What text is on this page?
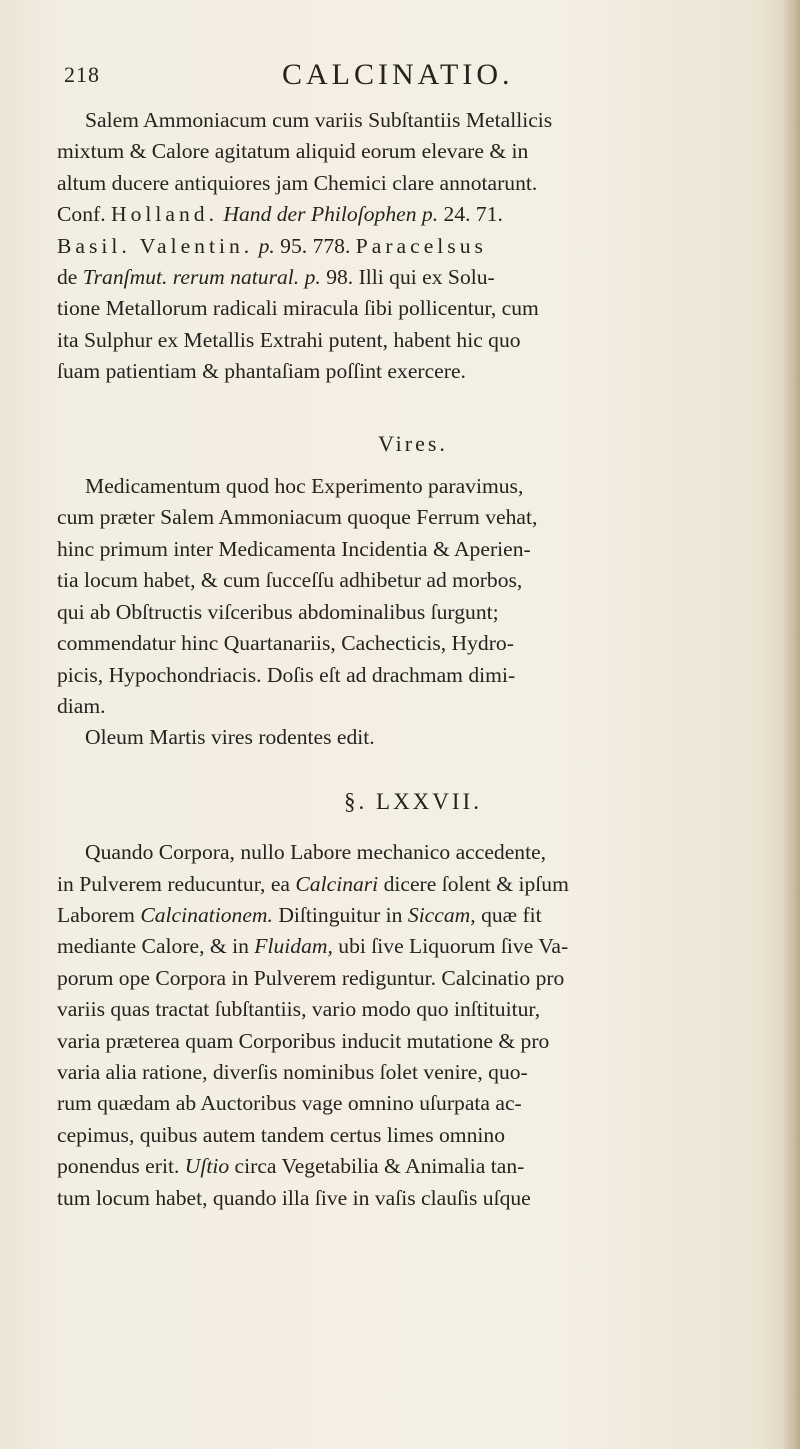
218	CALCINATIO.

Salem Ammoniacum cum variis Subſtantiis Metallicis

mixtum & Calore agitatum aliquid eorum elevare & in

altum ducere antiquiores jam Chemici clare annotarunt.

Conf. Holland. Hand der Philoſophen p. 24. 71.

Basil. Valentin. p. 95. 778. Paracelsus

de Tranſmut. rerum natural. p. 98. Illi qui ex Solu-

tione Metallorum radicali miracula ſibi pollicentur, cum

ita Sulphur ex Metallis Extrahi putent, habent hic quo

ſuam patientiam & phantaſiam poſſint exercere.

Vires.

Medicamentum quod hoc Experimento paravimus,

cum præter Salem Ammoniacum quoque Ferrum vehat,

hinc primum inter Medicamenta Incidentia & Aperien-

tia locum habet, & cum ſucceſſu adhibetur ad morbos,

qui ab Obſtructis viſceribus abdominalibus ſurgunt;

commendatur hinc Quartanariis, Cachecticis, Hydro-

picis, Hypochondriacis. Doſis eſt ad drachmam dimi-

diam.

Oleum Martis vires rodentes edit.

§. LXXVII.

Quando Corpora, nullo Labore mechanico accedente,

in Pulverem reducuntur, ea Calcinari dicere ſolent & ipſum

Laborem Calcinationem. Diſtinguitur in Siccam, quæ fit

mediante Calore, & in Fluidam, ubi ſive Liquorum ſive Va-

porum ope Corpora in Pulverem rediguntur. Calcinatio pro

variis quas tractat ſubſtantiis, vario modo quo inſtituitur,

varia prӕterea quam Corporibus inducit mutatione & pro

varia alia ratione, diverſis nominibus ſolet venire, quo-

rum quædam ab Auctoribus vage omnino uſurpata ac-

cepimus, quibus autem tandem certus limes omnino

ponendus erit. Uſtio circa Vegetabilia & Animalia tan-

tum locum habet, quando illa ſive in vaſis clauſis uſque
